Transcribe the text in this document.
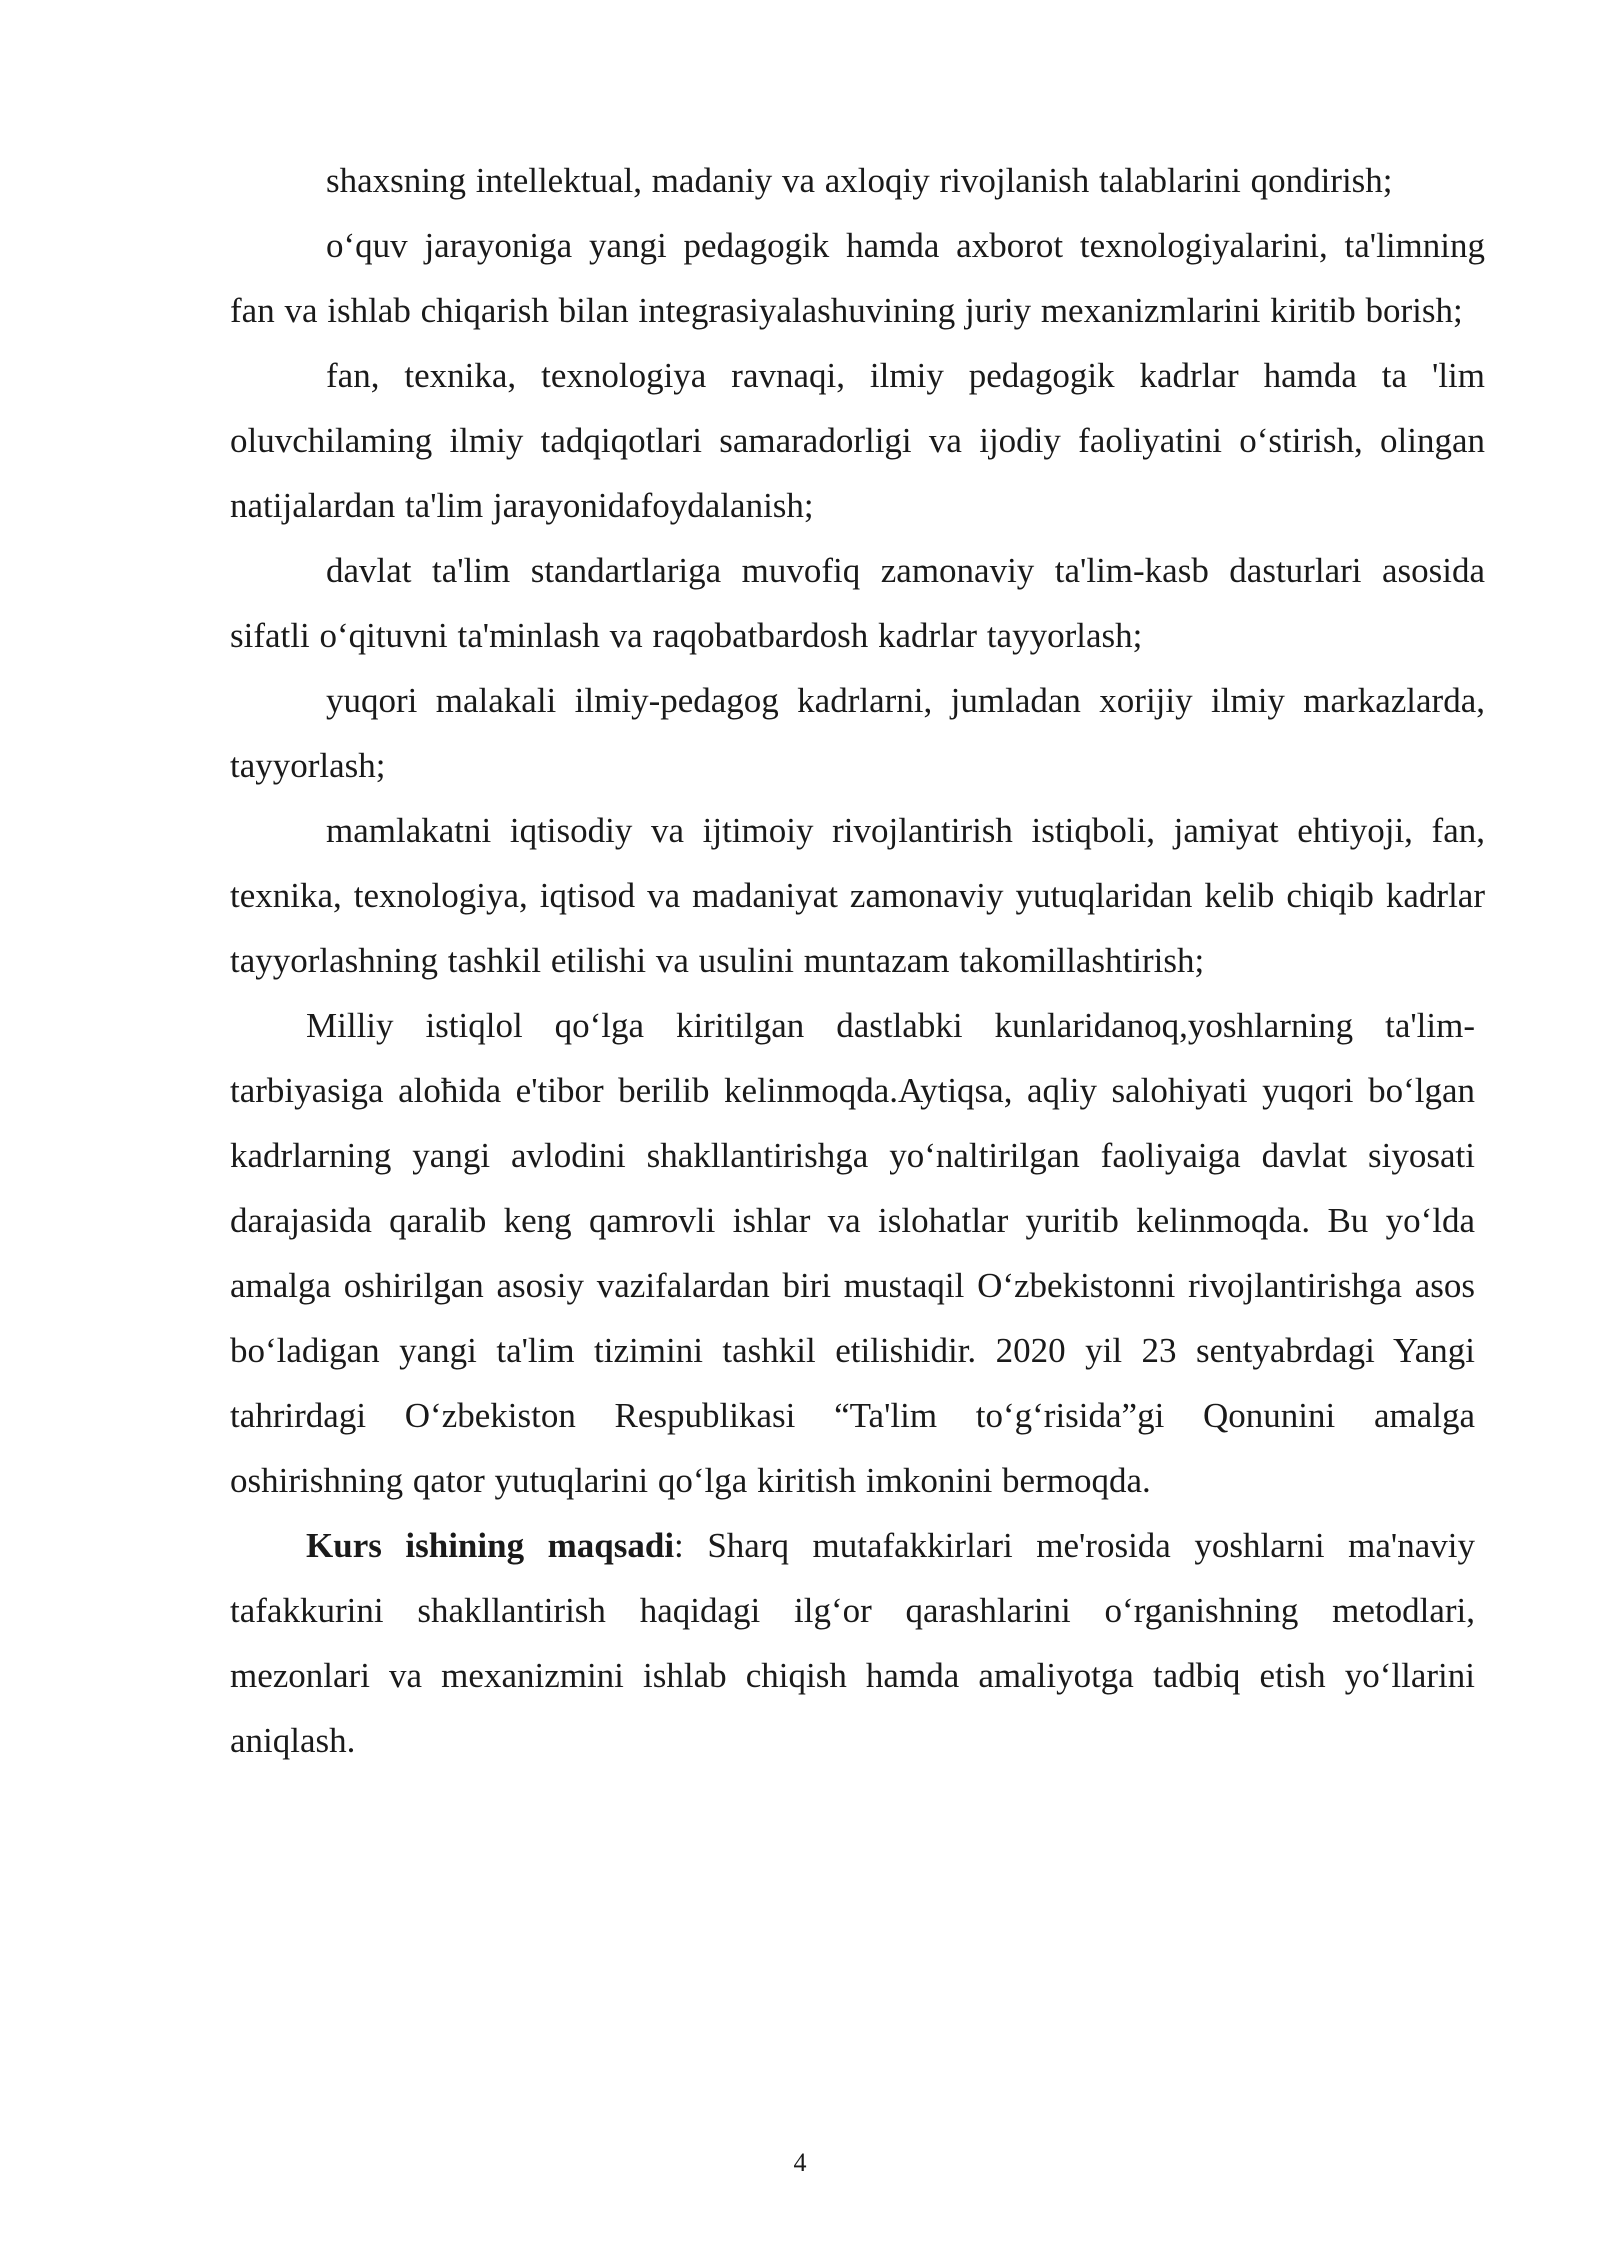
shaxsning intellektual, madaniy va axloqiy rivojlanish talablarini qondirish;

o‘quv jarayoniga yangi pedagogik hamda axborot texnologiyalarini, ta'limning fan va ishlab chiqarish bilan integrasiyalashuvining juriy mexanizmlarini kiritib borish;

fan, texnika, texnologiya ravnaqi, ilmiy pedagogik kadrlar hamda ta 'lim oluvchilaming ilmiy tadqiqotlari samaradorligi va ijodiy faoliyatini o‘stirish, olingan natijalardan ta'lim jarayonidafoydalanish;

davlat ta'lim standartlariga muvofiq zamonaviy ta'lim-kasb dasturlari asosida sifatli o‘qituvni ta'minlash va raqobatbardosh kadrlar tayyorlash;

yuqori malakali ilmiy-pedagog kadrlarni, jumladan xorijiy ilmiy markazlarda, tayyorlash;

mamlakatni iqtisodiy va ijtimoiy rivojlantirish istiqboli, jamiyat ehtiyoji, fan, texnika, texnologiya, iqtisod va madaniyat zamonaviy yutuqlaridan kelib chiqib kadrlar tayyorlashning tashkil etilishi va usulini muntazam takomillashtirish;

Milliy istiqlol qo‘lga kiritilgan dastlabki kunlaridanoq,yoshlarning ta'lim-tarbiyasiga aloħida e'tibor berilib kelinmoqda.Aytiqsa, aqliy salohiyati yuqori bo‘lgan kadrlarning yangi avlodini shakllantirishga yo‘naltirilgan faoliyaiga davlat siyosati darajasida qaralib keng qamrovli ishlar va islohatlar yuritib kelinmoqda. Bu yo‘lda amalga oshirilgan asosiy vazifalardan biri mustaqil O‘zbekistonni rivojlantirishga asos bo‘ladigan yangi ta'lim tizimini tashkil etilishidir. 2020 yil 23 sentyabrdagi Yangi tahrirdagi O‘zbekiston Respublikasi “Ta'lim to‘g‘risida”gi Qonunini amalga oshirishning qator yutuqlarini qo‘lga kiritish imkonini bermoqda.

Kurs ishining maqsadi: Sharq mutafakkirlari me'rosida yoshlarni ma'naviy tafakkurini shakllantirish haqidagi ilg‘or qarashlarini o‘rganishning metodlari, mezonlari va mexanizmini ishlab chiqish hamda amaliyotga tadbiq etish yo‘llarini aniqlash.

4
